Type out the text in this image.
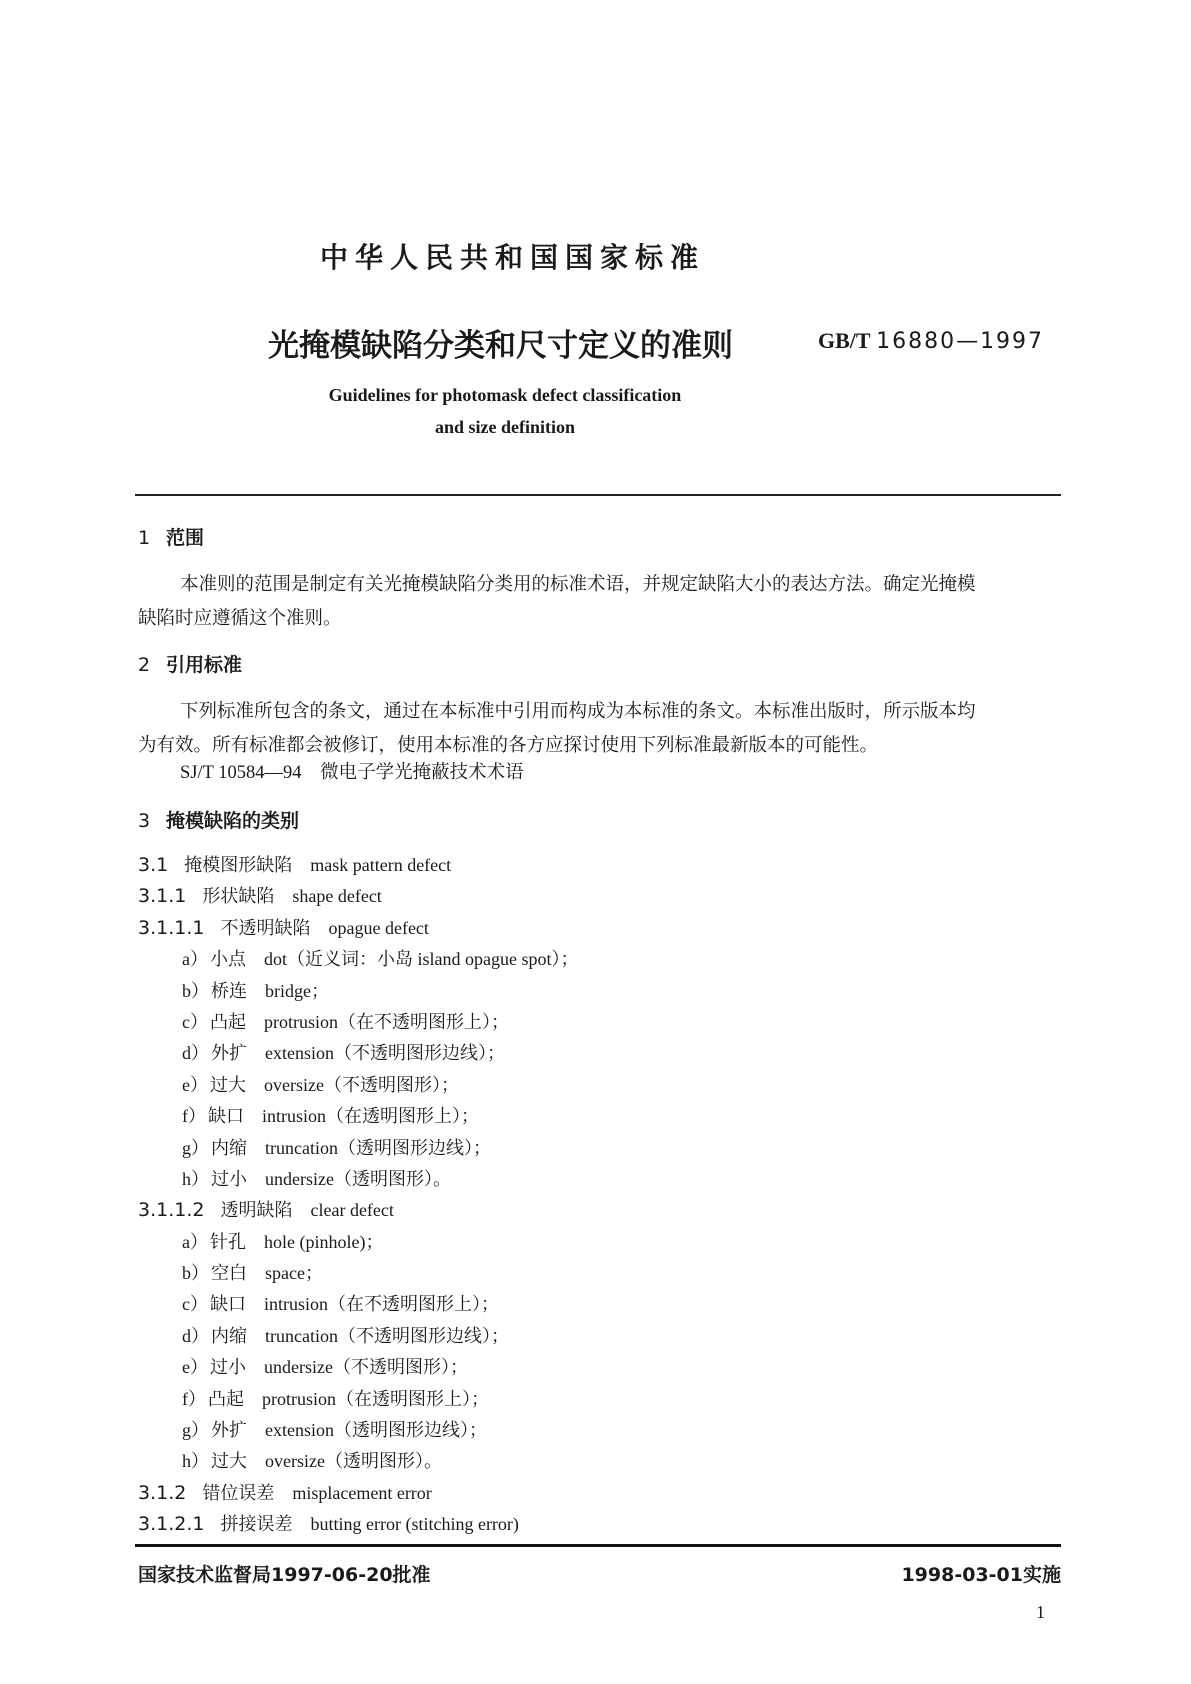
中华人民共和国国家标准
光掩模缺陷分类和尺寸定义的准则	GB/T 16880—1997
Guidelines for photomask defect classification
and size definition
1 范围
本准则的范围是制定有关光掩模缺陷分类用的标准术语，并规定缺陷大小的表达方法。确定光掩模
缺陷时应遵循这个准则。
2 引用标准
下列标准所包含的条文，通过在本标准中引用而构成为本标准的条文。本标准出版时，所示版本均
为有效。所有标准都会被修订，使用本标准的各方应探讨使用下列标准最新版本的可能性。
SJ/T 10584—94 微电子学光掩蔽技术术语
3 掩模缺陷的类别
3.1 掩模图形缺陷 mask pattern defect
3.1.1 形状缺陷 shape defect
3.1.1.1 不透明缺陷 opague defect
a） 小点 dot（近义词：小岛 island opague spot）；
b） 桥连 bridge；
c） 凸起 protrusion（在不透明图形上）；
d） 外扩 extension（不透明图形边线）；
e） 过大 oversize（不透明图形）；
f） 缺口 intrusion（在透明图形上）；
g） 内缩 truncation（透明图形边线）；
h） 过小 undersize（透明图形）。
3.1.1.2 透明缺陷 clear defect
a） 针孔 hole (pinhole)；
b） 空白 space；
c） 缺口 intrusion（在不透明图形上）；
d） 内缩 truncation（不透明图形边线）；
e） 过小 undersize（不透明图形）；
f） 凸起 protrusion（在透明图形上）；
g） 外扩 extension（透明图形边线）；
h） 过大 oversize（透明图形）。
3.1.2 错位误差 misplacement error
3.1.2.1 拼接误差 butting error (stitching error)
国家技术监督局1997-06-20批准	1998-03-01实施
1
